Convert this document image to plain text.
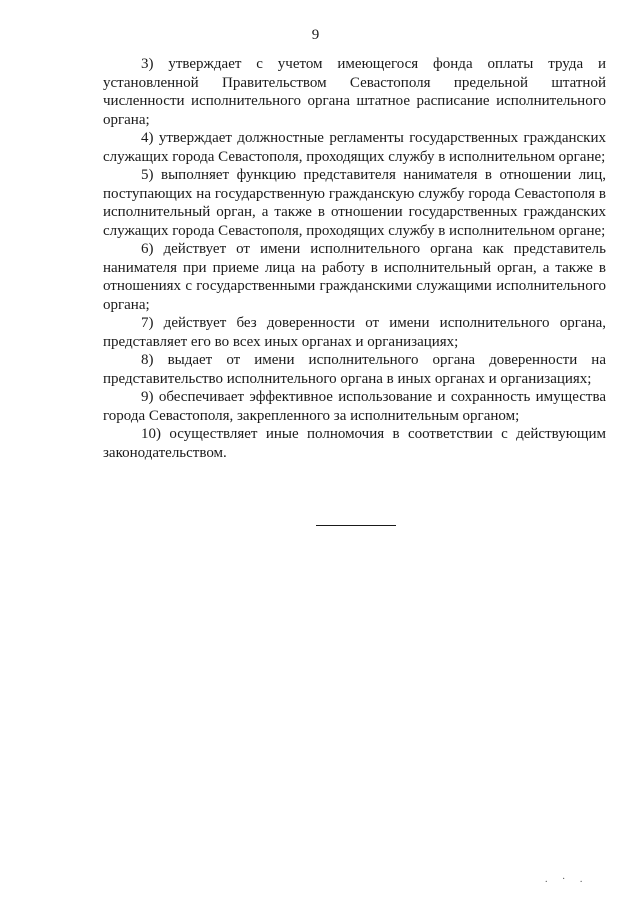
9

3) утверждает с учетом имеющегося фонда оплаты труда и установленной Правительством Севастополя предельной штатной численности исполнительного органа штатное расписание исполнительного органа;

4) утверждает должностные регламенты государственных гражданских служащих города Севастополя, проходящих службу в исполнительном органе;

5) выполняет функцию представителя нанимателя в отношении лиц, поступающих на государственную гражданскую службу города Севастополя в исполнительный орган, а также в отношении государственных гражданских служащих города Севастополя, проходящих службу в исполнительном органе;

6) действует от имени исполнительного органа как представитель нанимателя при приеме лица на работу в исполнительный орган, а также в отношениях с государственными гражданскими служащими исполнительного органа;

7) действует без доверенности от имени исполнительного органа, представляет его во всех иных органах и организациях;

8) выдает от имени исполнительного органа доверенности на представительство исполнительного органа в иных органах и организациях;

9) обеспечивает эффективное использование и сохранность имущества города Севастополя, закрепленного за исполнительным органом;

10) осуществляет иные полномочия в соответствии с действующим законодательством.

. · .
